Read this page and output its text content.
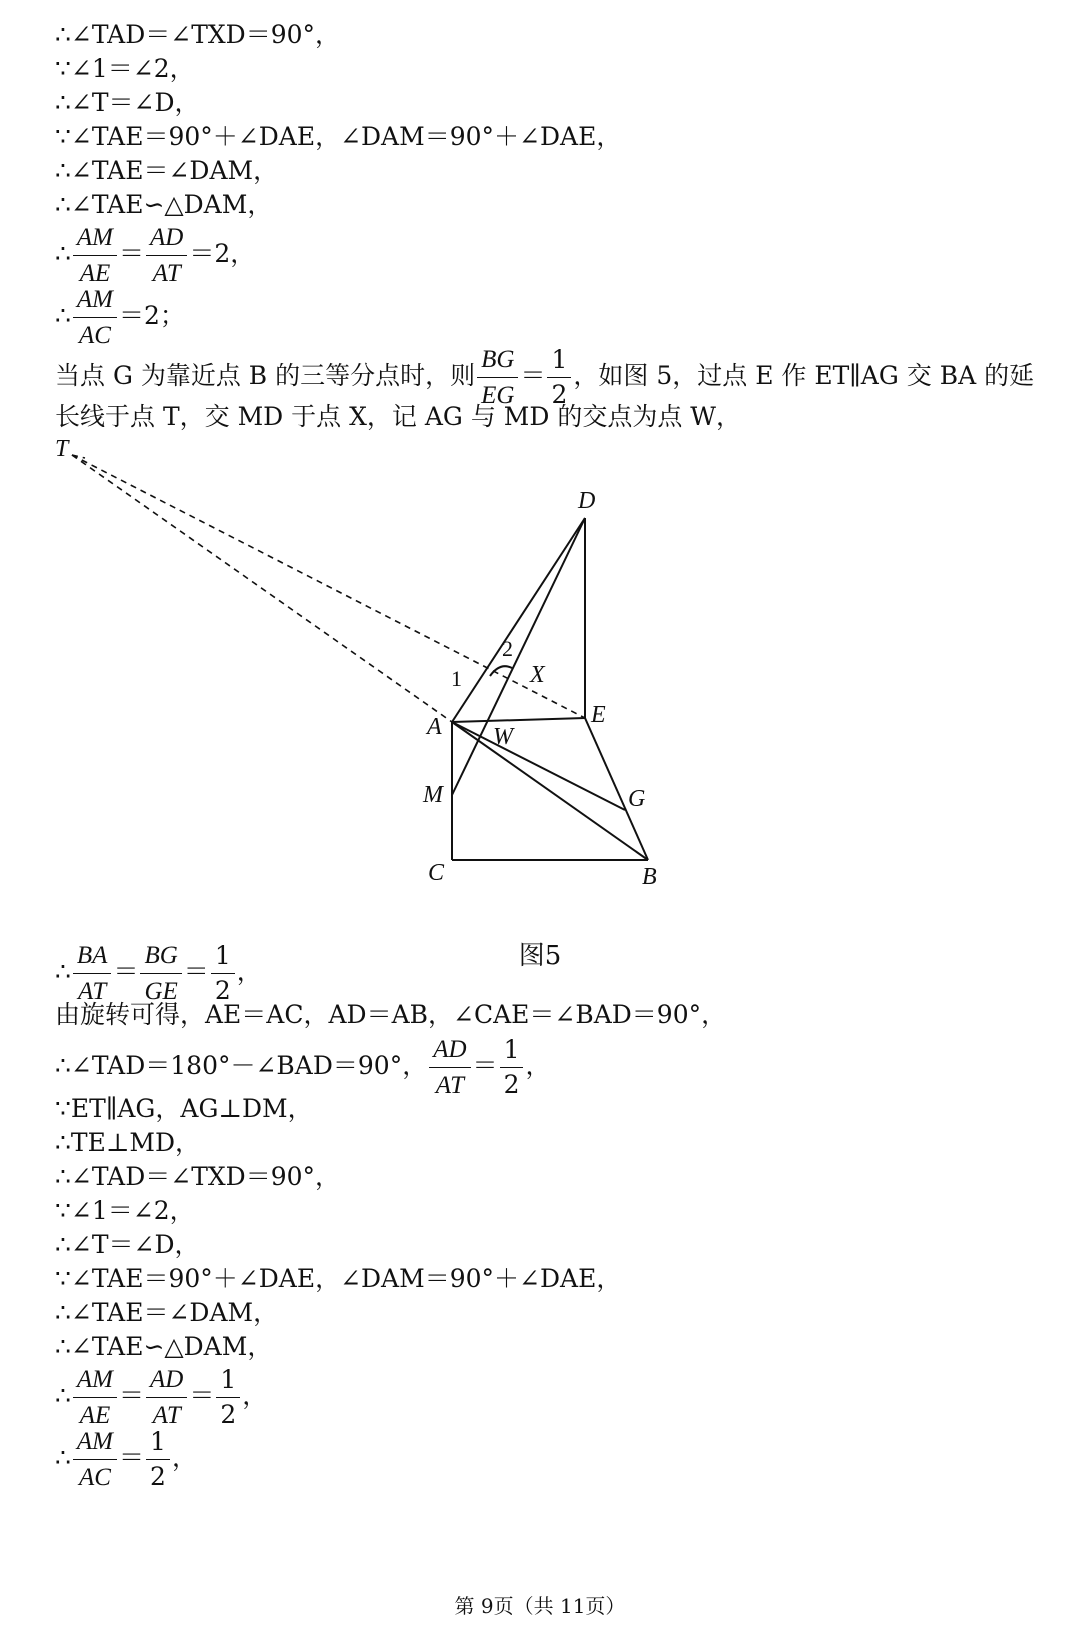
∴∠TAD＝∠TXD＝90°，
∵∠1＝∠2，
∴∠T＝∠D，
∵∠TAE＝90°＋∠DAE，∠DAM＝90°＋∠DAE，
∴∠TAE＝∠DAM，
∴∠TAE∽△DAM，
∴ $\frac{AM}{AE} = \frac{AD}{AT} =2$，
∴ $\frac{AM}{AC} =2$；
当点 G 为靠近点 B 的三等分点时，则 $\frac{BG}{EG} = \frac{1}{2}$ ，如图 5，过点 E 作 ET∥AG 交 BA 的延
长线于点 T，交 MD 于点 X，记 AG 与 MD 的交点为点 W，
T
D
2
1	X
A	E
W
M	G
C	B
图5
∴ $\frac{BA}{AT} = \frac{BG}{GE} = \frac{1}{2}$ ，
由旋转可得，AE＝AC，AD＝AB，∠CAE＝∠BAD＝90°，
∴∠TAD＝180°－∠BAD＝90°， $\frac{AD}{AT} = \frac{1}{2}$ ，
∵ET∥AG，AG⊥DM，
∴TE⊥MD，
∴∠TAD＝∠TXD＝90°，
∵∠1＝∠2，
∴∠T＝∠D，
∵∠TAE＝90°＋∠DAE，∠DAM＝90°＋∠DAE，
∴∠TAE＝∠DAM，
∴∠TAE∽△DAM，
∴ $\frac{AM}{AE} = \frac{AD}{AT} = \frac{1}{2}$ ，
∴ $\frac{AM}{AC} = \frac{1}{2}$ ，
第 9页（共 11页）
